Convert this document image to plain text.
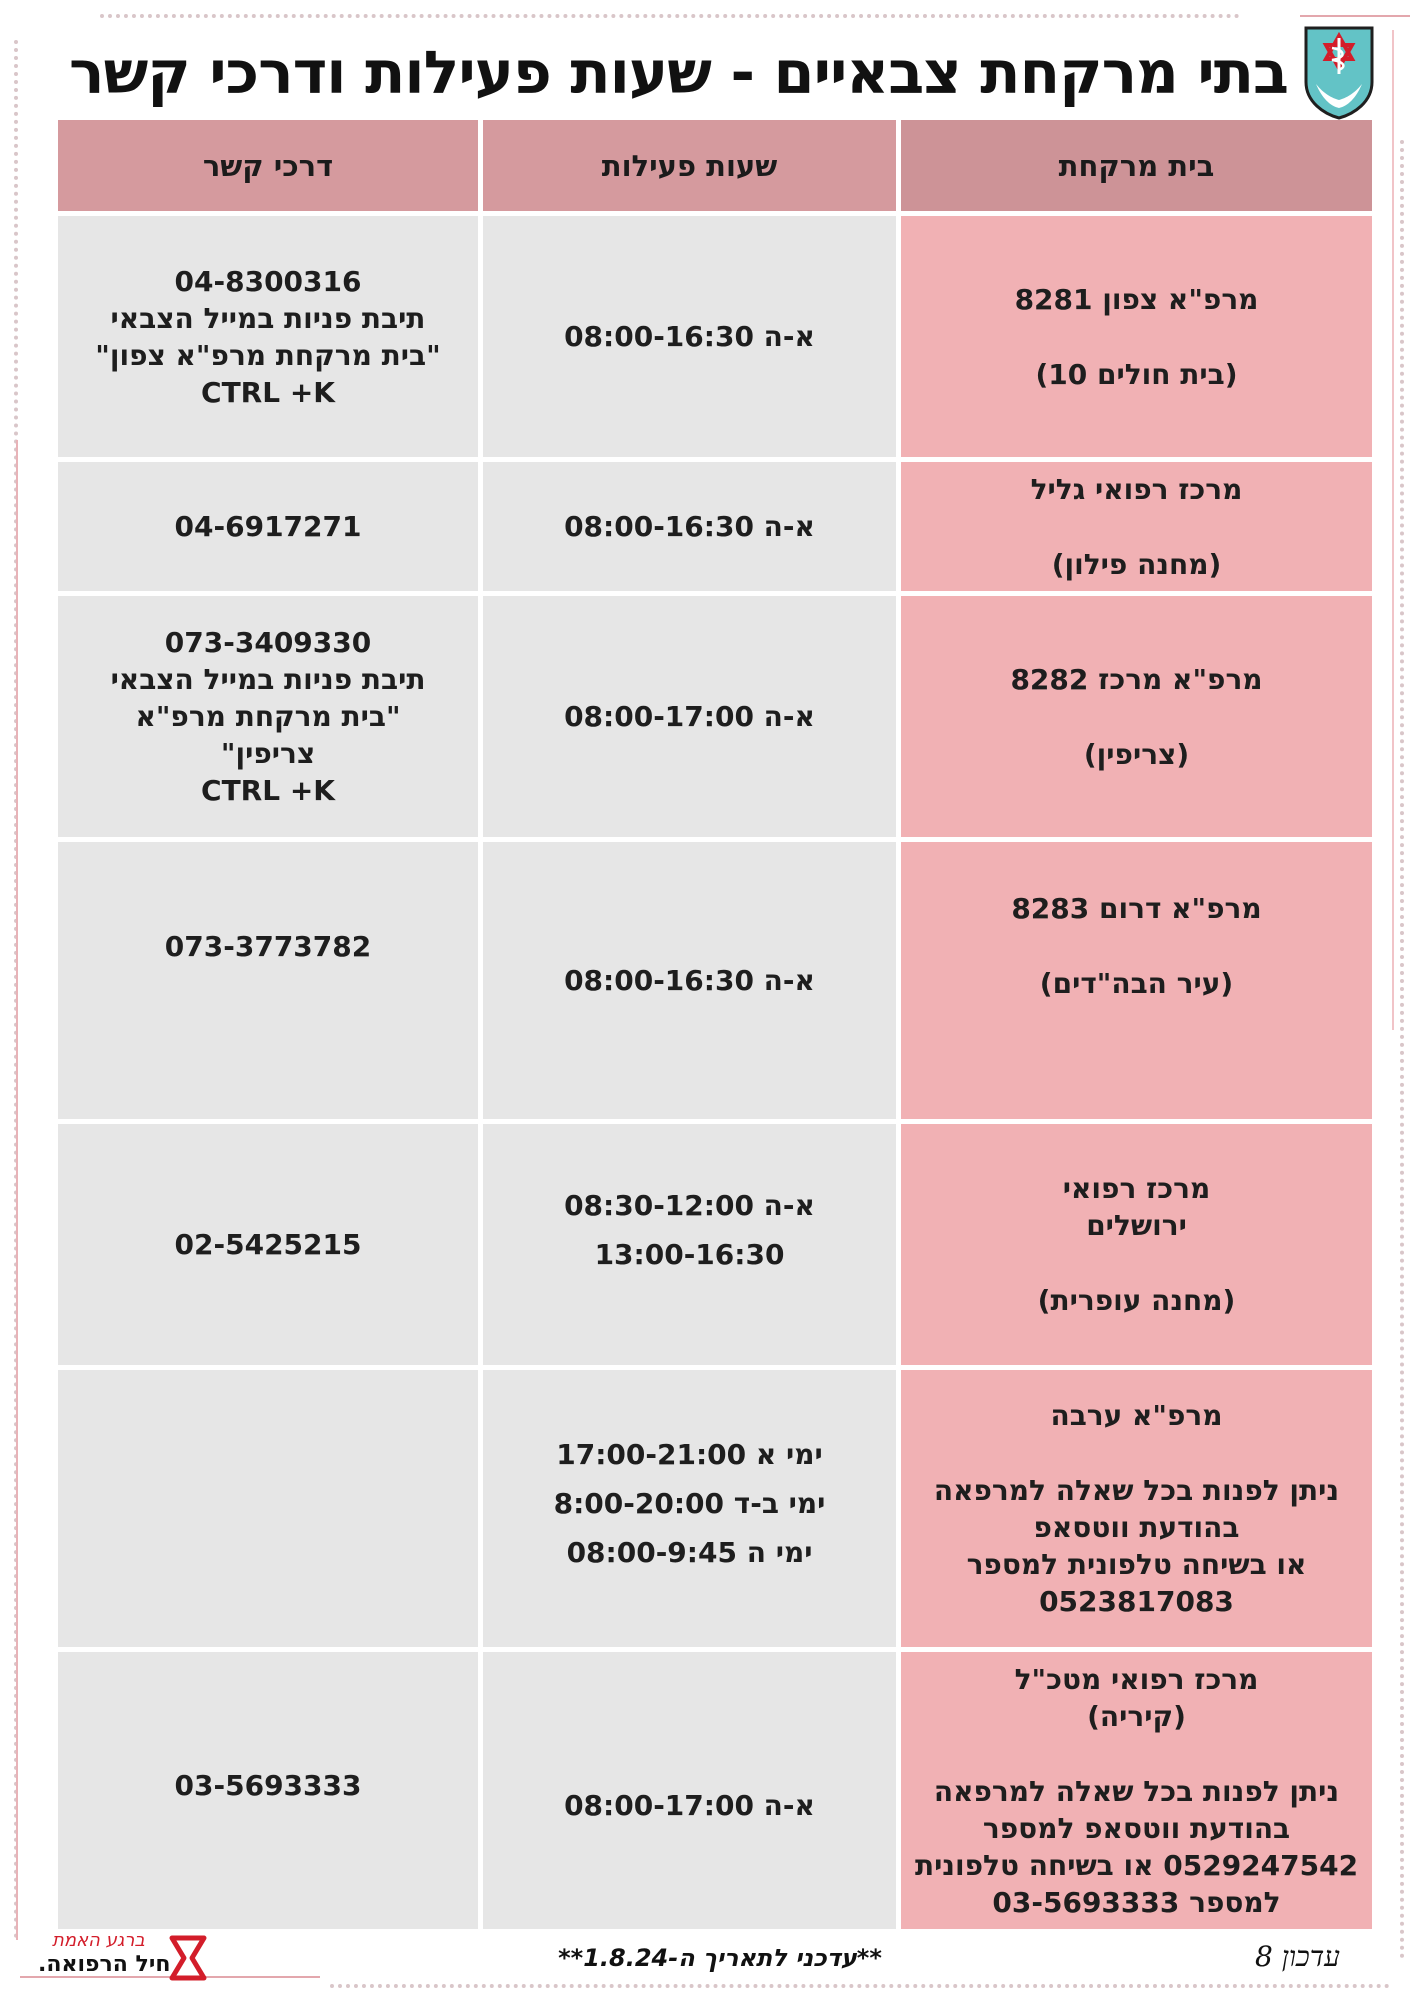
בתי מרקחת צבאיים - שעות פעילות ודרכי קשר
בית מרקחת
שעות פעילות
דרכי קשר
מרפ"א צפון 8281
(בית חולים 10)
א-ה 08:00-16:30
04-8300316
תיבת פניות במייל הצבאי
"בית מרקחת מרפ"א צפון"
CTRL +K
מרכז רפואי גליל
(מחנה פילון)
א-ה 08:00-16:30
04-6917271
מרפ"א מרכז 8282
(צריפין)
א-ה 08:00-17:00
073-3409330
תיבת פניות במייל הצבאי
"בית מרקחת מרפ"א
צריפין"
CTRL +K
מרפ"א דרום 8283
(עיר הבה"דים)
א-ה 08:00-16:30
073-3773782
מרכז רפואי
ירושלים
(מחנה עופרית)
א-ה 08:30-12:00
13:00-16:30
02-5425215
מרפ"א ערבה
ניתן לפנות בכל שאלה למרפאה
בהודעת ווטסאפ
או בשיחה טלפונית למספר
0523817083
ימי א 17:00-21:00
ימי ב-ד 8:00-20:00
ימי ה 08:00-9:45
מרכז רפואי מטכ"ל
(קיריה)
ניתן לפנות בכל שאלה למרפאה
בהודעת ווטסאפ למספר
0529247542 או בשיחה טלפונית
למספר 03-5693333
א-ה 08:00-17:00
03-5693333
ברגע האמת
חיל הרפואה.	**עדכני לתאריך ה-1.8.24**	עדכון 8
